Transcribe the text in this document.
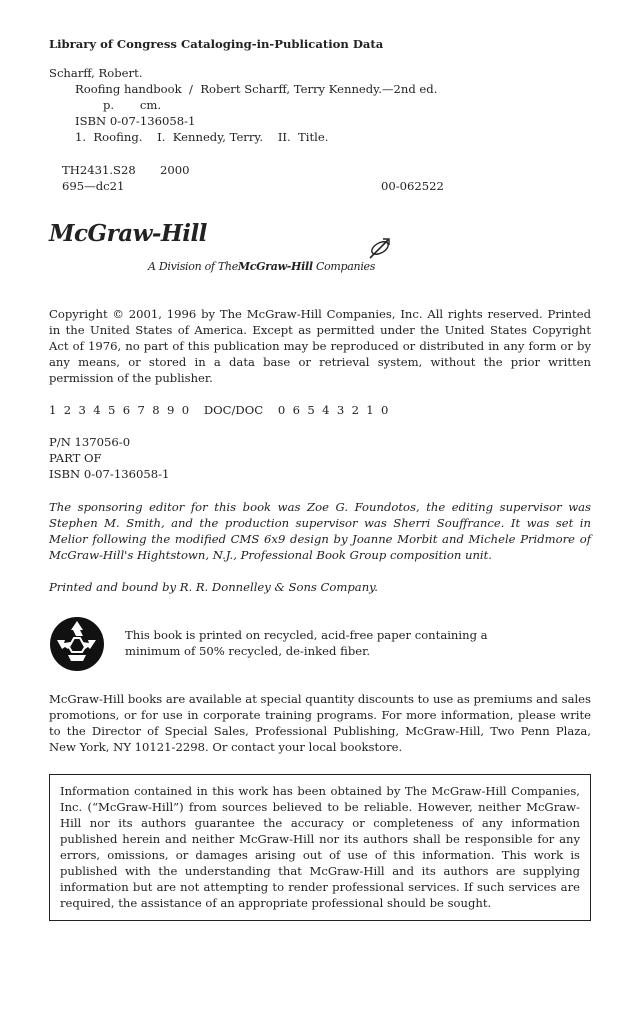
Library of Congress Cataloging-in-Publication Data
Scharff, Robert.
Roofing handbook  /  Robert Scharff, Terry Kennedy.—2nd ed.
p.       cm.
ISBN 0-07-136058-1
1.  Roofing.    I.  Kennedy, Terry.    II.  Title.
TH2431.S28 2000
695—dc21	00-062522
McGraw-Hill
A Division of TheMcGraw-Hill Companies
Copyright © 2001, 1996 by The McGraw-Hill Companies, Inc. All rights reserved. Printed in the United States of America. Except as permitted under the United States Copyright Act of 1976, no part of this publication may be reproduced or distributed in any form or by any means, or stored in a data base or retrieval system, without the prior written permission of the publisher.
1  2  3  4  5  6  7  8  9  0    DOC/DOC    0  6  5  4  3  2  1  0
P/N 137056-0
PART OF
ISBN 0-07-136058-1
The sponsoring editor for this book was Zoe G. Foundotos, the editing supervisor was Stephen M. Smith, and the production supervisor was Sherri Souffrance. It was set in Melior following the modified CMS 6x9 design by Joanne Morbit and Michele Pridmore of McGraw-Hill's Hightstown, N.J., Professional Book Group composition unit.
Printed and bound by R. R. Donnelley & Sons Company.
This book is printed on recycled, acid-free paper containing a
minimum of 50% recycled, de-inked fiber.
McGraw-Hill books are available at special quantity discounts to use as premiums and sales promotions, or for use in corporate training programs. For more information, please write to the Director of Special Sales, Professional Publishing, McGraw-Hill, Two Penn Plaza, New York, NY 10121-2298. Or contact your local bookstore.
Information contained in this work has been obtained by The McGraw-Hill Companies, Inc. (“McGraw-Hill”) from sources believed to be reliable. However, neither McGraw-Hill nor its authors guarantee the accuracy or completeness of any information published herein and neither McGraw-Hill nor its authors shall be responsible for any errors, omissions, or damages arising out of use of this information. This work is published with the understanding that McGraw-Hill and its authors are supplying information but are not attempting to render professional services. If such services are required, the assistance of an appropriate professional should be sought.
